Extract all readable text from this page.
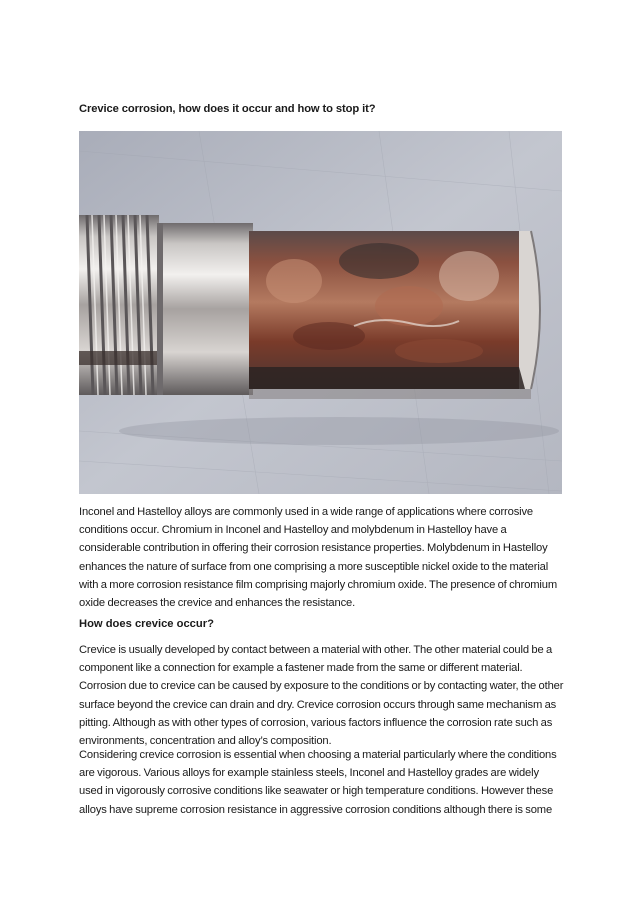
Crevice corrosion, how does it occur and how to stop it?
Inconel and Hastelloy alloys are commonly used in a wide range of applications where corrosive conditions occur. Chromium in Inconel and Hastelloy and molybdenum in Hastelloy have a considerable contribution in offering their corrosion resistance properties. Molybdenum in Hastelloy enhances the nature of surface from one comprising a more susceptible nickel oxide to the material with a more corrosion resistance film comprising majorly chromium oxide. The presence of chromium oxide decreases the crevice and enhances the resistance.
How does crevice occur?
Crevice is usually developed by contact between a material with other. The other material could be a component like a connection for example a fastener made from the same or different material. Corrosion due to crevice can be caused by exposure to the conditions or by contacting water, the other surface beyond the crevice can drain and dry. Crevice corrosion occurs through same mechanism as pitting. Although as with other types of corrosion, various factors influence the corrosion rate such as environments, concentration and alloy’s composition.
Considering crevice corrosion is essential when choosing a material particularly where the conditions are vigorous. Various alloys for example stainless steels, Inconel and Hastelloy grades are widely used in vigorously corrosive conditions like seawater or high temperature conditions. However these alloys have supreme corrosion resistance in aggressive corrosion conditions although there is some
